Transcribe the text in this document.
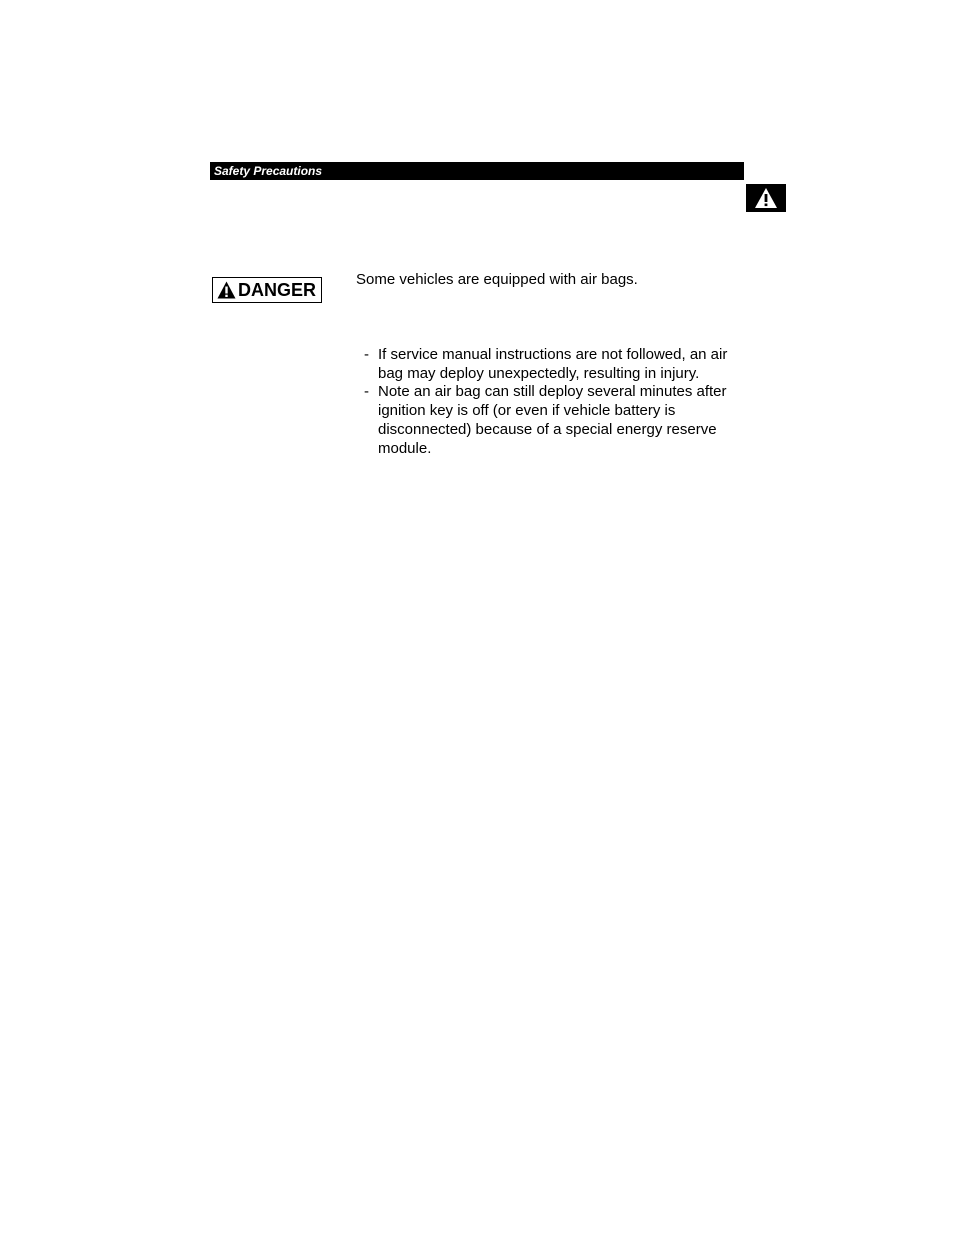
Safety Precautions
DANGER	Some vehicles are equipped with air bags.
- If service manual instructions are not followed, an air bag may deploy unexpectedly, resulting in injury.
- Note an air bag can still deploy several minutes after ignition key is off (or even if vehicle battery is disconnected) because of a special energy reserve module.
